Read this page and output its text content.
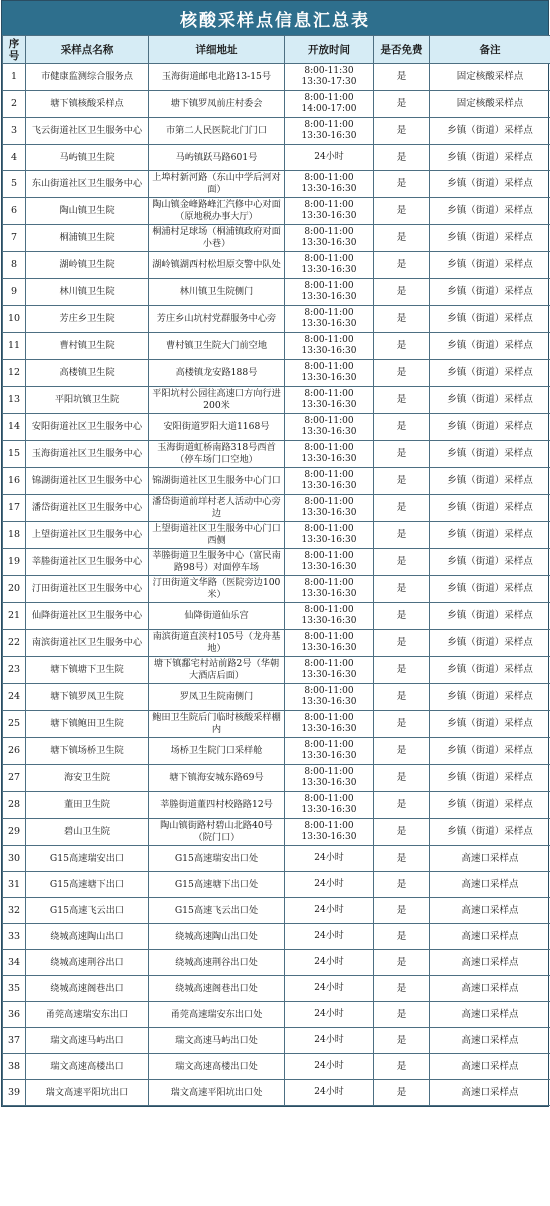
核酸采样点信息汇总表
序号	采样点名称	详细地址	开放时间	是否免费	备注
1	市健康监测综合服务点	玉海街道邮电北路13-15号	8:00-11:30
13:30-17:30	是	固定核酸采样点
2	塘下镇核酸采样点	塘下镇罗凤前庄村委会	8:00-11:00
14:00-17:00	是	固定核酸采样点
3	飞云街道社区卫生服务中心	市第二人民医院北门门口	8:00-11:00
13:30-16:30	是	乡镇（街道）采样点
4	马屿镇卫生院	马屿镇跃马路601号	24小时	是	乡镇（街道）采样点
5	东山街道社区卫生服务中心	上埠村新河路（东山中学后河对面）	8:00-11:00
13:30-16:30	是	乡镇（街道）采样点
6	陶山镇卫生院	陶山镇金峰路峰汇汽修中心对面（原地税办事大厅）	8:00-11:00
13:30-16:30	是	乡镇（街道）采样点
7	桐浦镇卫生院	桐浦村足球场（桐浦镇政府对面小巷）	8:00-11:00
13:30-16:30	是	乡镇（街道）采样点
8	湖岭镇卫生院	湖岭镇湖西村松坦原交警中队处	8:00-11:00
13:30-16:30	是	乡镇（街道）采样点
9	林川镇卫生院	林川镇卫生院侧门	8:00-11:00
13:30-16:30	是	乡镇（街道）采样点
10	芳庄乡卫生院	芳庄乡山坑村党群服务中心旁	8:00-11:00
13:30-16:30	是	乡镇（街道）采样点
11	曹村镇卫生院	曹村镇卫生院大门前空地	8:00-11:00
13:30-16:30	是	乡镇（街道）采样点
12	高楼镇卫生院	高楼镇龙安路188号	8:00-11:00
13:30-16:30	是	乡镇（街道）采样点
13	平阳坑镇卫生院	平阳坑村公园往高速口方向行进200米	8:00-11:00
13:30-16:30	是	乡镇（街道）采样点
14	安阳街道社区卫生服务中心	安阳街道罗阳大道1168号	8:00-11:00
13:30-16:30	是	乡镇（街道）采样点
15	玉海街道社区卫生服务中心	玉海街道虹桥南路318号西首（停车场门口空地）	8:00-11:00
13:30-16:30	是	乡镇（街道）采样点
16	锦湖街道社区卫生服务中心	锦湖街道社区卫生服务中心门口	8:00-11:00
13:30-16:30	是	乡镇（街道）采样点
17	潘岱街道社区卫生服务中心	潘岱街道前垟村老人活动中心旁边	8:00-11:00
13:30-16:30	是	乡镇（街道）采样点
18	上望街道社区卫生服务中心	上望街道社区卫生服务中心门口西侧	8:00-11:00
13:30-16:30	是	乡镇（街道）采样点
19	莘塍街道社区卫生服务中心	莘塍街道卫生服务中心（富民南路98号）对面停车场	8:00-11:00
13:30-16:30	是	乡镇（街道）采样点
20	汀田街道社区卫生服务中心	汀田街道文华路（医院旁边100米）	8:00-11:00
13:30-16:30	是	乡镇（街道）采样点
21	仙降街道社区卫生服务中心	仙降街道仙乐宫	8:00-11:00
13:30-16:30	是	乡镇（街道）采样点
22	南滨街道社区卫生服务中心	南滨街道直浃村105号（龙舟基地）	8:00-11:00
13:30-16:30	是	乡镇（街道）采样点
23	塘下镇塘下卫生院	塘下镇鄱宅村站前路2号（华朝大酒店后面）	8:00-11:00
13:30-16:30	是	乡镇（街道）采样点
24	塘下镇罗凤卫生院	罗凤卫生院南侧门	8:00-11:00
13:30-16:30	是	乡镇（街道）采样点
25	塘下镇鲍田卫生院	鲍田卫生院后门临时核酸采样棚内	8:00-11:00
13:30-16:30	是	乡镇（街道）采样点
26	塘下镇场桥卫生院	场桥卫生院门口采样舱	8:00-11:00
13:30-16:30	是	乡镇（街道）采样点
27	海安卫生院	塘下镇海安城东路69号	8:00-11:00
13:30-16:30	是	乡镇（街道）采样点
28	董田卫生院	莘塍街道董四村校路路12号	8:00-11:00
13:30-16:30	是	乡镇（街道）采样点
29	碧山卫生院	陶山镇街路村碧山北路40号（院门口）	8:00-11:00
13:30-16:30	是	乡镇（街道）采样点
30	G15高速瑞安出口	G15高速瑞安出口处	24小时	是	高速口采样点
31	G15高速塘下出口	G15高速塘下出口处	24小时	是	高速口采样点
32	G15高速飞云出口	G15高速飞云出口处	24小时	是	高速口采样点
33	绕城高速陶山出口	绕城高速陶山出口处	24小时	是	高速口采样点
34	绕城高速荆谷出口	绕城高速荆谷出口处	24小时	是	高速口采样点
35	绕城高速阁巷出口	绕城高速阁巷出口处	24小时	是	高速口采样点
36	甬莞高速瑞安东出口	甬莞高速瑞安东出口处	24小时	是	高速口采样点
37	瑞文高速马屿出口	瑞文高速马屿出口处	24小时	是	高速口采样点
38	瑞文高速高楼出口	瑞文高速高楼出口处	24小时	是	高速口采样点
39	瑞文高速平阳坑出口	瑞文高速平阳坑出口处	24小时	是	高速口采样点
